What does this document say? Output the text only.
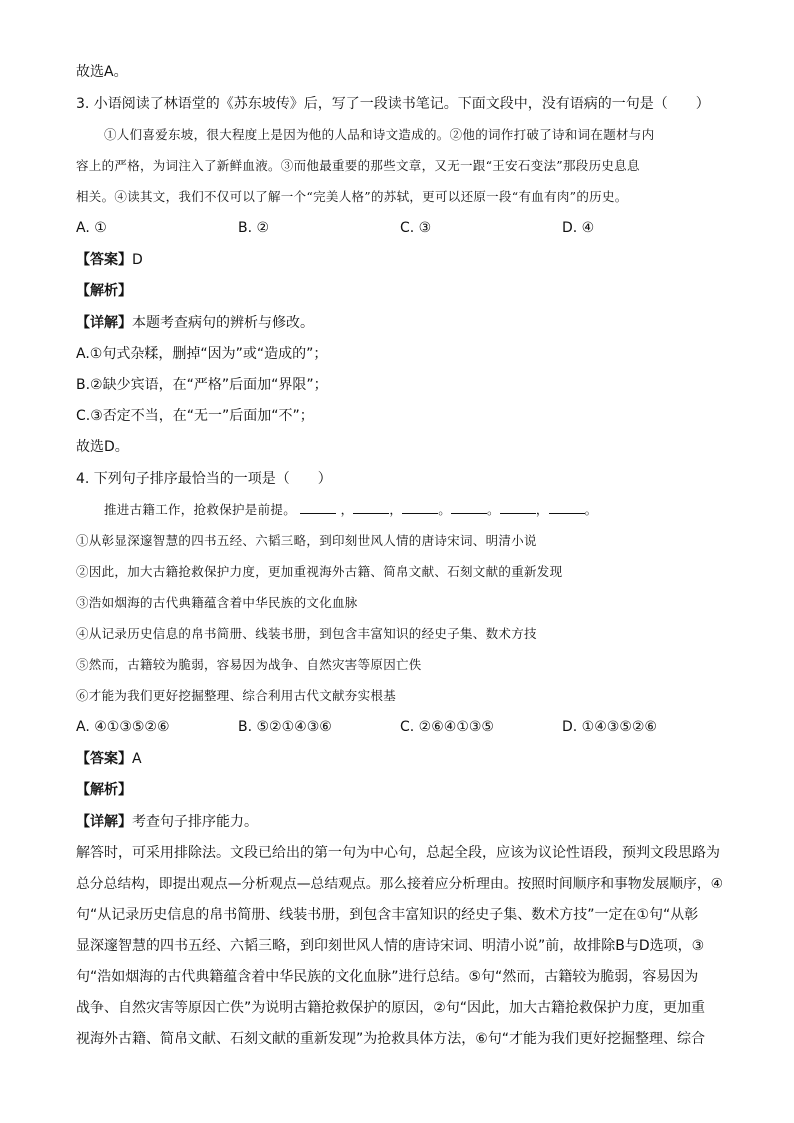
故选A。
3. 小语阅读了林语堂的《苏东坡传》后，写了一段读书笔记。下面文段中，没有语病的一句是（　　）
①人们喜爱东坡，很大程度上是因为他的人品和诗文造成的。②他的词作打破了诗和词在题材与内
容上的严格，为词注入了新鲜血液。③而他最重要的那些文章，又无一跟“王安石变法”那段历史息息
相关。④读其文，我们不仅可以了解一个“完美人格”的苏轼，更可以还原一段“有血有肉”的历史。
A. ①	B. ②	C. ③	D. ④
【答案】D
【解析】
【详解】本题考查病句的辨析与修改。
A.①句式杂糅，删掉“因为”或“造成的”；
B.②缺少宾语，在“严格”后面加“界限”；
C.③否定不当，在“无一”后面加“不”；
故选D。
4. 下列句子排序最恰当的一项是（　　）
推进古籍工作，抢救保护是前提。	，	，	。	。	，	。
①从彰显深邃智慧的四书五经、六韬三略，到印刻世风人情的唐诗宋词、明清小说
②因此，加大古籍抢救保护力度，更加重视海外古籍、简帛文献、石刻文献的重新发现
③浩如烟海的古代典籍蕴含着中华民族的文化血脉
④从记录历史信息的帛书简册、线装书册，到包含丰富知识的经史子集、数术方技
⑤然而，古籍较为脆弱，容易因为战争、自然灾害等原因亡佚
⑥才能为我们更好挖掘整理、综合利用古代文献夯实根基
A. ④①③⑤②⑥	B. ⑤②①④③⑥	C. ②⑥④①③⑤	D. ①④③⑤②⑥
【答案】A
【解析】
【详解】考查句子排序能力。
解答时，可采用排除法。文段已给出的第一句为中心句，总起全段，应该为议论性语段，预判文段思路为
总分总结构，即提出观点—分析观点—总结观点。那么接着应分析理由。按照时间顺序和事物发展顺序，④
句“从记录历史信息的帛书简册、线装书册，到包含丰富知识的经史子集、数术方技”一定在①句“从彰
显深邃智慧的四书五经、六韬三略，到印刻世风人情的唐诗宋词、明清小说”前，故排除B与D选项，③
句“浩如烟海的古代典籍蕴含着中华民族的文化血脉”进行总结。⑤句“然而，古籍较为脆弱，容易因为
战争、自然灾害等原因亡佚”为说明古籍抢救保护的原因，②句“因此，加大古籍抢救保护力度，更加重
视海外古籍、简帛文献、石刻文献的重新发现”为抢救具体方法，⑥句“才能为我们更好挖掘整理、综合
